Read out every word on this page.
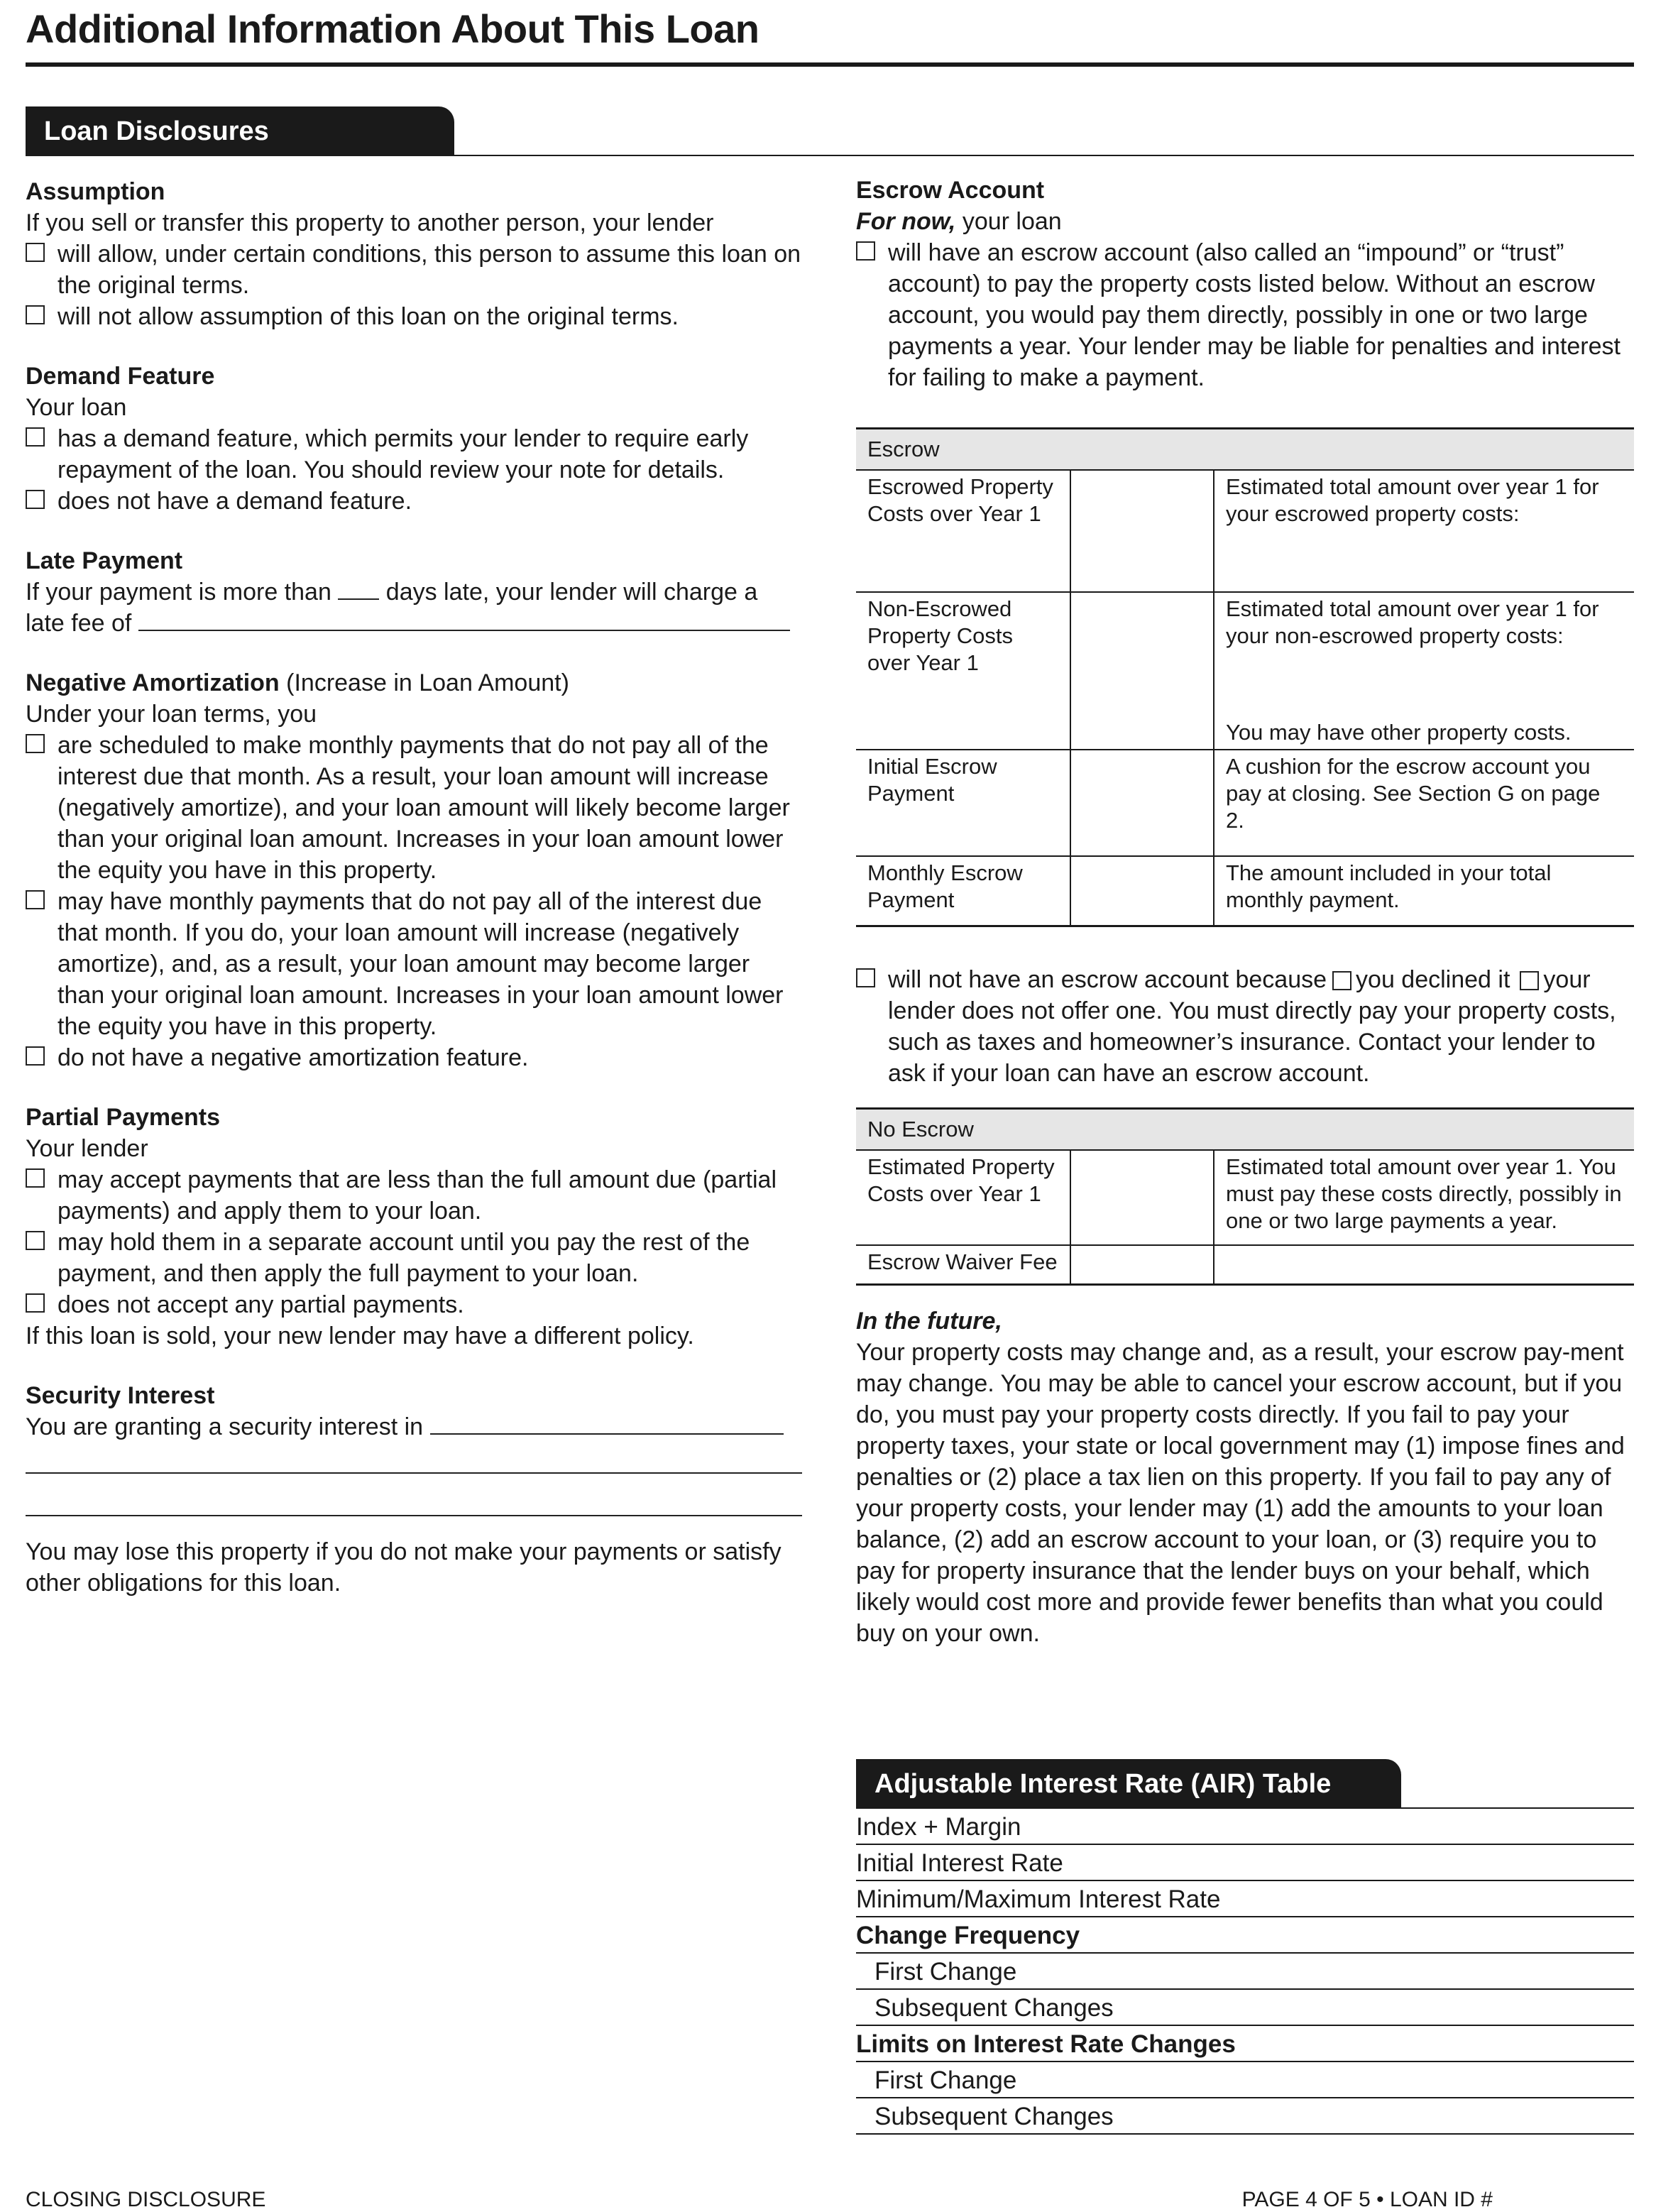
Additional Information About This Loan
Loan Disclosures
Assumption
If you sell or transfer this property to another person, your lender
will allow, under certain conditions, this person to assume this loan on the original terms.
will not allow assumption of this loan on the original terms.
Demand Feature
Your loan
has a demand feature, which permits your lender to require early repayment of the loan. You should review your note for details.
does not have a demand feature.
Late Payment
If your payment is more than days late, your lender will charge a
late fee of
Negative Amortization (Increase in Loan Amount)
Under your loan terms, you
are scheduled to make monthly payments that do not pay all of the interest due that month. As a result, your loan amount will increase (negatively amortize), and your loan amount will likely become larger than your original loan amount. Increases in your loan amount lower the equity you have in this property.
may have monthly payments that do not pay all of the interest due that month. If you do, your loan amount will increase (negatively amortize), and, as a result, your loan amount may become larger than your original loan amount. Increases in your loan amount lower the equity you have in this property.
do not have a negative amortization feature.
Partial Payments
Your lender
may accept payments that are less than the full amount due (partial payments) and apply them to your loan.
may hold them in a separate account until you pay the rest of the payment, and then apply the full payment to your loan.
does not accept any partial payments.
If this loan is sold, your new lender may have a different policy.
Security Interest
You are granting a security interest in
You may lose this property if you do not make your payments or satisfy other obligations for this loan.
Escrow Account
For now, your loan
will have an escrow account (also called an “impound” or “trust” account) to pay the property costs listed below. Without an escrow account, you would pay them directly, possibly in one or two large payments a year. Your lender may be liable for penalties and interest for failing to make a payment.
Escrow		
Escrowed Property Costs over Year 1		Estimated total amount over year 1 for your escrowed property costs:
Non-Escrowed Property Costs over Year 1		Estimated total amount over year 1 for your non-escrowed property costs:
You may have other property costs.

Initial Escrow Payment		A cushion for the escrow account you pay at closing. See Section G on page 2.
Monthly Escrow Payment		The amount included in your total monthly payment.
will not have an escrow account because you declined it your lender does not offer one. You must directly pay your property costs, such as taxes and homeowner’s insurance. Contact your lender to ask if your loan can have an escrow account.
No Escrow		
Estimated Property Costs over Year 1		Estimated total amount over year 1. You must pay these costs directly, possibly in one or two large payments a year.
Escrow Waiver Fee		
In the future,
Your property costs may change and, as a result, your escrow pay-ment may change. You may be able to cancel your escrow account, but if you do, you must pay your property costs directly. If you fail to pay your property taxes, your state or local government may (1) impose fines and penalties or (2) place a tax lien on this property. If you fail to pay any of your property costs, your lender may (1) add the amounts to your loan balance, (2) add an escrow account to your loan, or (3) require you to pay for property insurance that the lender buys on your behalf, which likely would cost more and provide fewer benefits than what you could buy on your own.
Adjustable Interest Rate (AIR) Table
Index + Margin
Initial Interest Rate
Minimum/Maximum Interest Rate
Change Frequency
First Change
Subsequent Changes
Limits on Interest Rate Changes
First Change
Subsequent Changes
CLOSING DISCLOSURE	PAGE 4 OF 5 • LOAN ID #
